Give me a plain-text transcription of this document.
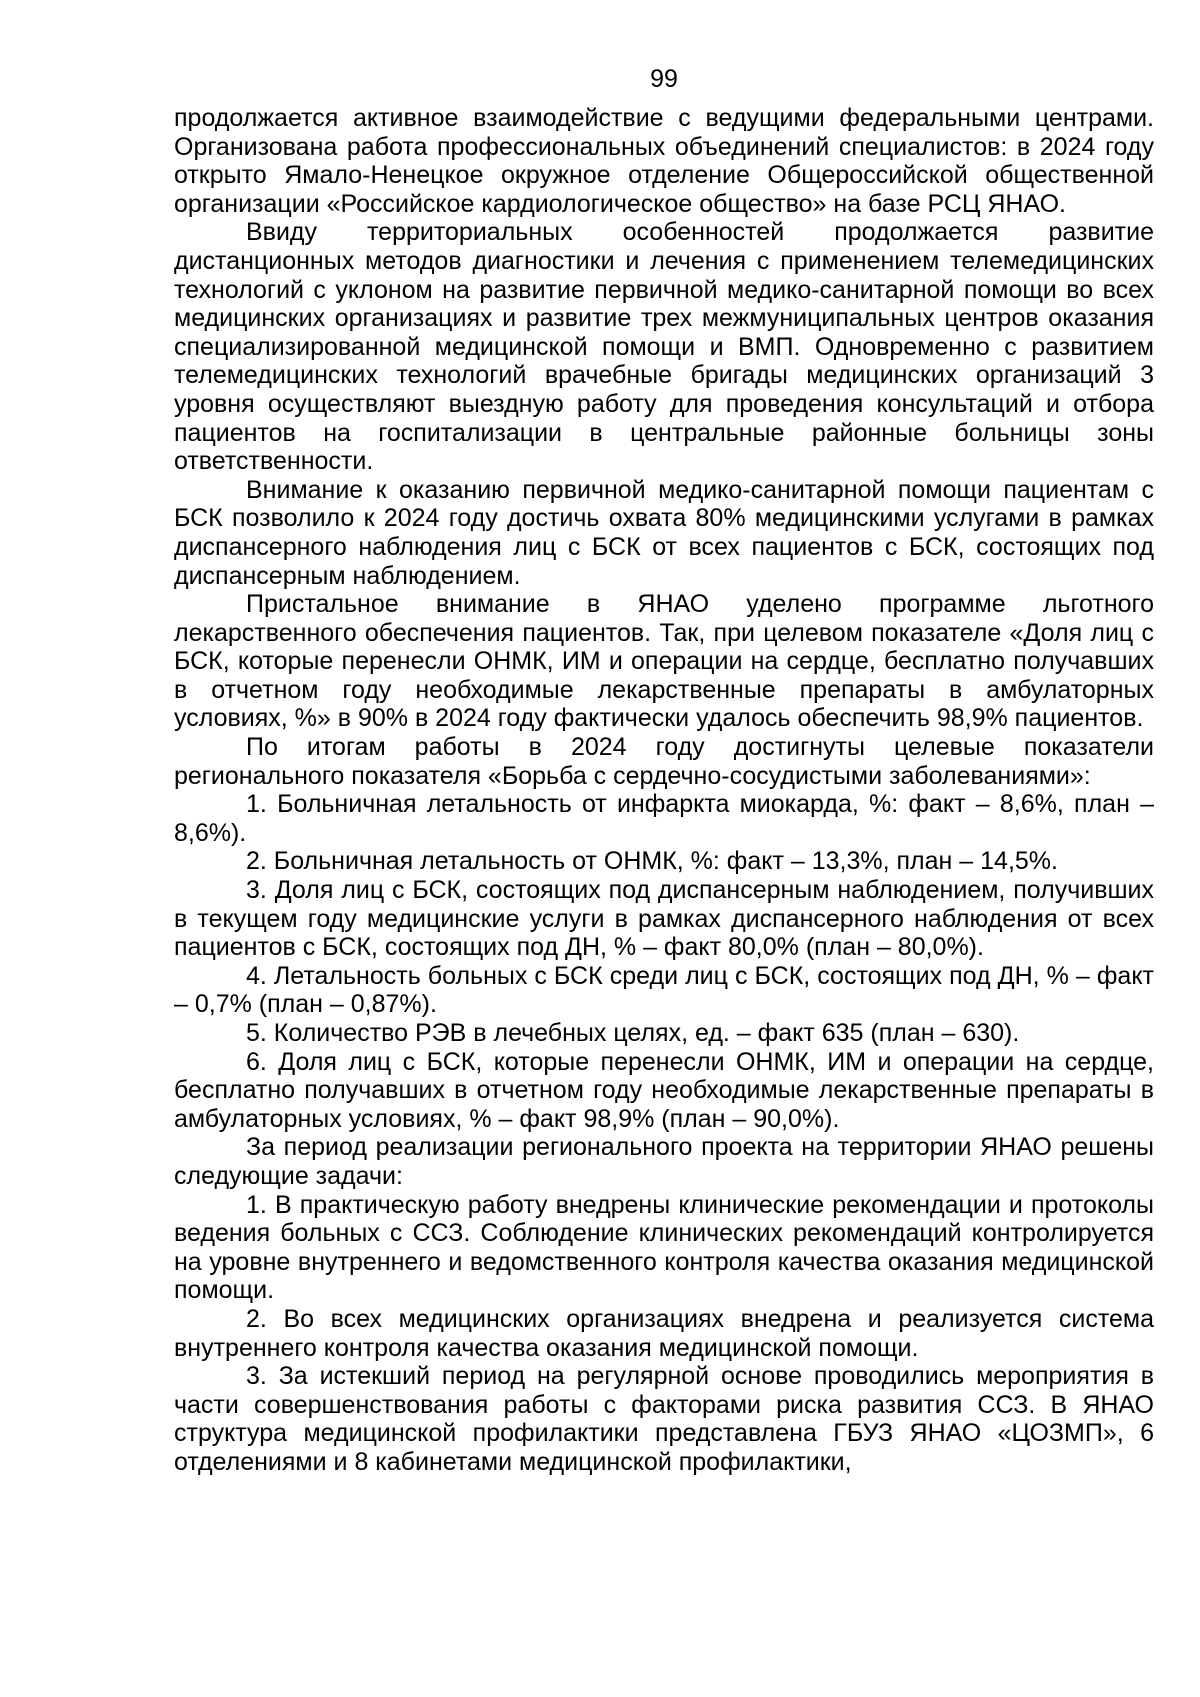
99

продолжается активное взаимодействие с ведущими федеральными центрами. Организована работа профессиональных объединений специалистов: в 2024 году открыто Ямало-Ненецкое окружное отделение Общероссийской общественной организации «Российское кардиологическое общество» на базе РСЦ ЯНАО.

Ввиду территориальных особенностей продолжается развитие дистанционных методов диагностики и лечения с применением телемедицинских технологий с уклоном на развитие первичной медико-санитарной помощи во всех медицинских организациях и развитие трех межмуниципальных центров оказания специализированной медицинской помощи и ВМП. Одновременно с развитием телемедицинских технологий врачебные бригады медицинских организаций 3 уровня осуществляют выездную работу для проведения консультаций и отбора пациентов на госпитализации в центральные районные больницы зоны ответственности.

Внимание к оказанию первичной медико-санитарной помощи пациентам с БСК позволило к 2024 году достичь охвата 80% медицинскими услугами в рамках диспансерного наблюдения лиц с БСК от всех пациентов с БСК, состоящих под диспансерным наблюдением.

Пристальное внимание в ЯНАО уделено программе льготного лекарственного обеспечения пациентов. Так, при целевом показателе «Доля лиц с БСК, которые перенесли ОНМК, ИМ и операции на сердце, бесплатно получавших в отчетном году необходимые лекарственные препараты в амбулаторных условиях, %» в 90% в 2024 году фактически удалось обеспечить 98,9% пациентов.

По итогам работы в 2024 году достигнуты целевые показатели регионального показателя «Борьба с сердечно-сосудистыми заболеваниями»:

1. Больничная летальность от инфаркта миокарда, %: факт – 8,6%, план – 8,6%).

2. Больничная летальность от ОНМК, %: факт – 13,3%, план – 14,5%.

3. Доля лиц с БСК, состоящих под диспансерным наблюдением, получивших в текущем году медицинские услуги в рамках диспансерного наблюдения от всех пациентов с БСК, состоящих под ДН, % – факт 80,0% (план – 80,0%).

4. Летальность больных с БСК среди лиц с БСК, состоящих под ДН, % – факт – 0,7% (план – 0,87%).

5. Количество РЭВ в лечебных целях, ед. – факт 635 (план – 630).

6. Доля лиц с БСК, которые перенесли ОНМК, ИМ и операции на сердце, бесплатно получавших в отчетном году необходимые лекарственные препараты в амбулаторных условиях, % – факт 98,9% (план – 90,0%).

За период реализации регионального проекта на территории ЯНАО решены следующие задачи:

1. В практическую работу внедрены клинические рекомендации и протоколы ведения больных с ССЗ. Соблюдение клинических рекомендаций контролируется на уровне внутреннего и ведомственного контроля качества оказания медицинской помощи.

2. Во всех медицинских организациях внедрена и реализуется система внутреннего контроля качества оказания медицинской помощи.

3. За истекший период на регулярной основе проводились мероприятия в части совершенствования работы с факторами риска развития ССЗ. В ЯНАО структура медицинской профилактики представлена ГБУЗ ЯНАО «ЦОЗМП», 6 отделениями и 8 кабинетами медицинской профилактики,
